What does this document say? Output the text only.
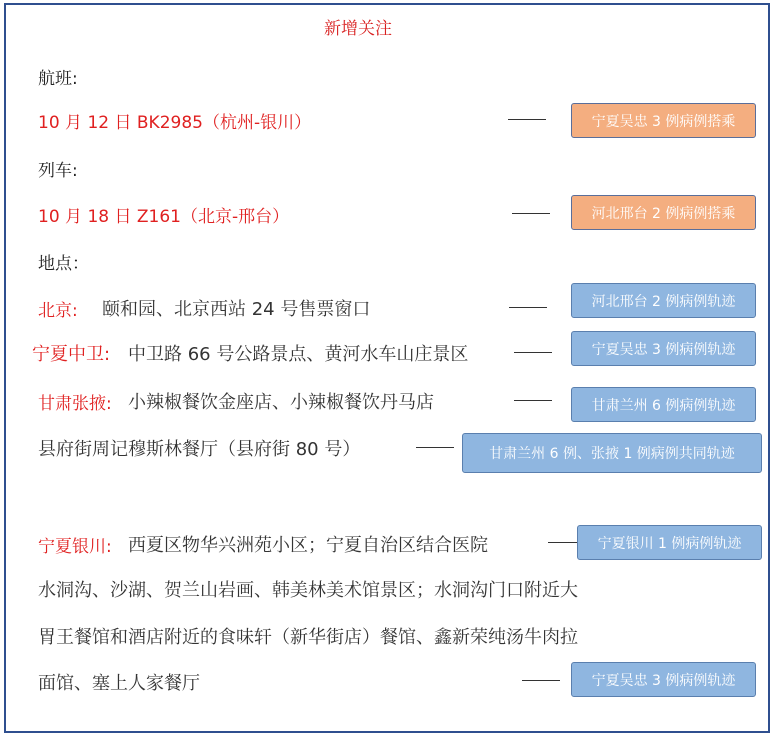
新增关注
航班:
10 月 12 日 BK2985（杭州-银川）	宁夏吴忠 3 例病例搭乘
列车:
10 月 18 日 Z161（北京-邢台）	河北邢台 2 例病例搭乘
地点：
北京: 颐和园、北京西站 24 号售票窗口	河北邢台 2 例病例轨迹
宁夏中卫: 中卫路 66 号公路景点、黄河水车山庄景区	宁夏吴忠 3 例病例轨迹
甘肃张掖: 小辣椒餐饮金座店、小辣椒餐饮丹马店	甘肃兰州 6 例病例轨迹
县府街周记穆斯林餐厅（县府街 80 号）	甘肃兰州 6 例、张掖 1 例病例共同轨迹
宁夏银川: 西夏区物华兴洲苑小区；宁夏自治区结合医院	宁夏银川 1 例病例轨迹
水洞沟、沙湖、贺兰山岩画、韩美林美术馆景区；水洞沟门口附近大
胃王餐馆和酒店附近的食味轩（新华街店）餐馆、鑫新荣纯汤牛肉拉
面馆、塞上人家餐厅	宁夏吴忠 3 例病例轨迹
